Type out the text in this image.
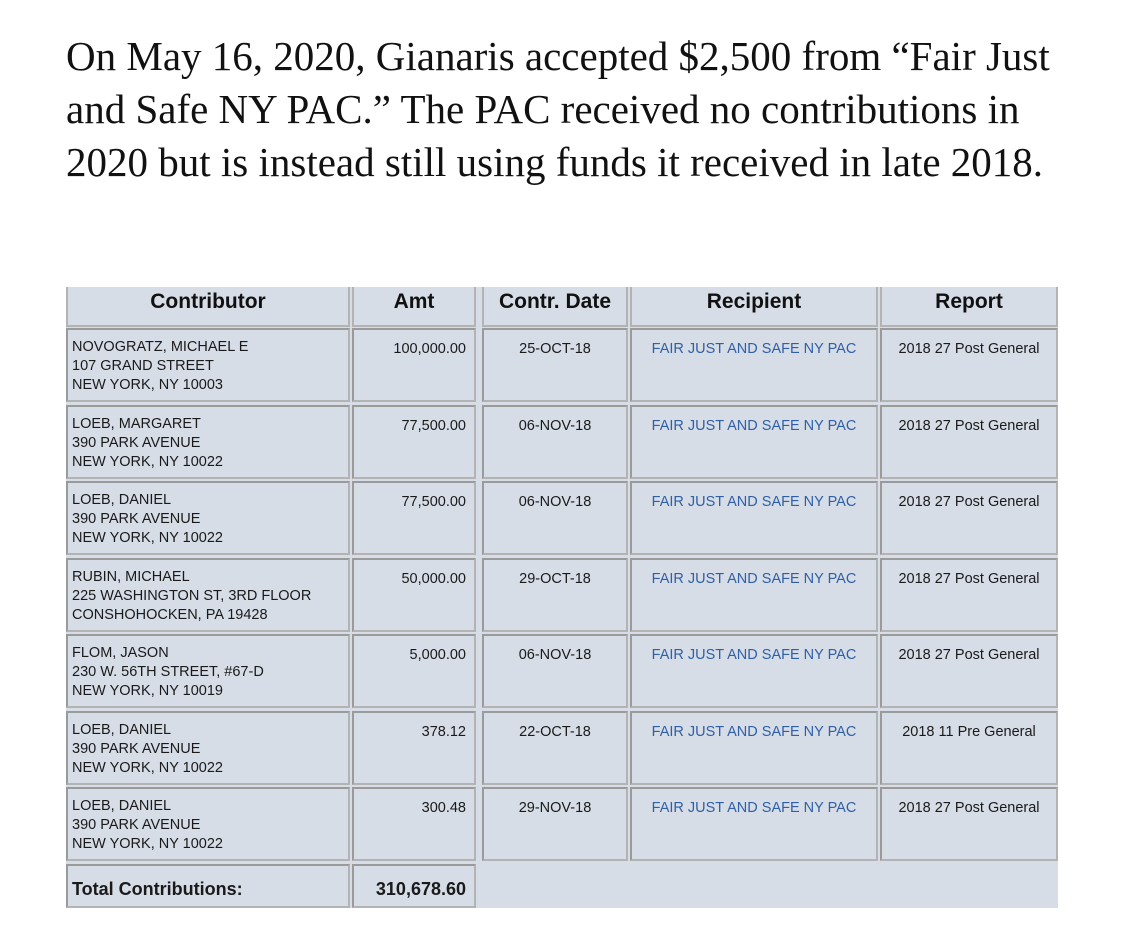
On May 16, 2020, Gianaris accepted $2,500 from “Fair Just and Safe NY PAC.” The PAC received no contributions in 2020 but is instead still using funds it received in late 2018.

Contributor	Amt	Contr. Date	Recipient	Report
NOVOGRATZ, MICHAEL E
107 GRAND STREET
NEW YORK, NY 10003
100,000.00	25-OCT-18	FAIR JUST AND SAFE NY PAC	2018 27 Post General
LOEB, MARGARET
390 PARK AVENUE
NEW YORK, NY 10022
77,500.00	06-NOV-18	FAIR JUST AND SAFE NY PAC	2018 27 Post General
LOEB, DANIEL
390 PARK AVENUE
NEW YORK, NY 10022
77,500.00	06-NOV-18	FAIR JUST AND SAFE NY PAC	2018 27 Post General
RUBIN, MICHAEL
225 WASHINGTON ST, 3RD FLOOR
CONSHOHOCKEN, PA 19428
50,000.00	29-OCT-18	FAIR JUST AND SAFE NY PAC	2018 27 Post General
FLOM, JASON
230 W. 56TH STREET, #67-D
NEW YORK, NY 10019
5,000.00	06-NOV-18	FAIR JUST AND SAFE NY PAC	2018 27 Post General
LOEB, DANIEL
390 PARK AVENUE
NEW YORK, NY 10022
378.12	22-OCT-18	FAIR JUST AND SAFE NY PAC	2018 11 Pre General
LOEB, DANIEL
390 PARK AVENUE
NEW YORK, NY 10022
300.48	29-NOV-18	FAIR JUST AND SAFE NY PAC	2018 27 Post General
Total Contributions:	310,678.60
